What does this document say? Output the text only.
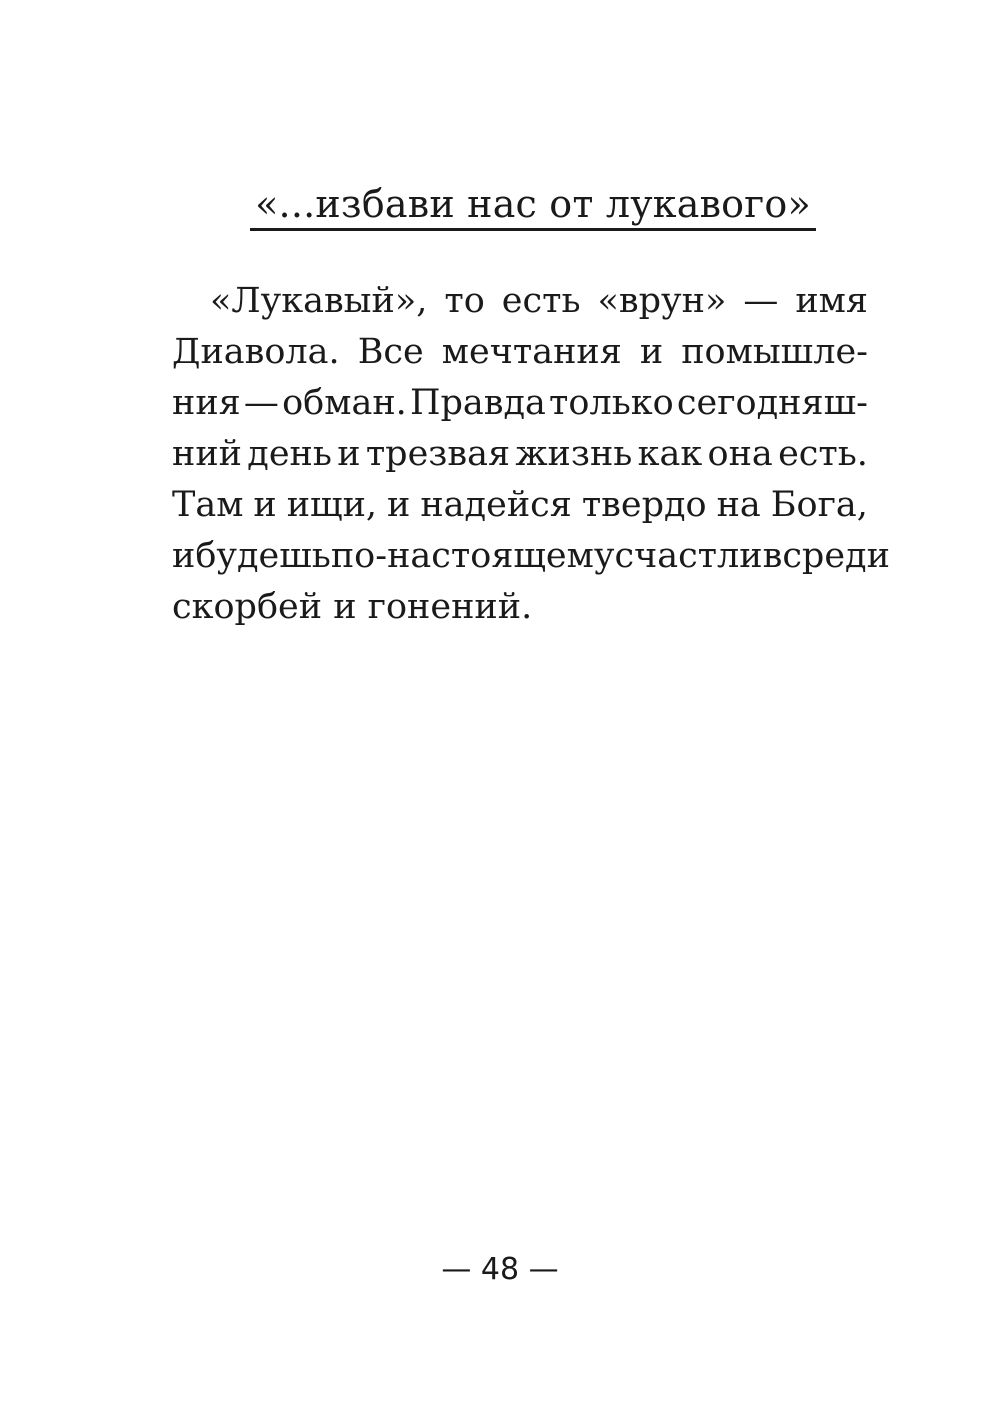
«...избави нас от лукавого»
«Лукавый», то есть «врун» — имя
Диавола. Все мечтания и помышле-
ния — обман. Правда только сегодняш-
ний день и трезвая жизнь как она есть.
Там и ищи, и надейся твердо на Бога,
и будешь по-настоящему счастлив среди
скорбей и гонений.
— 48 —
